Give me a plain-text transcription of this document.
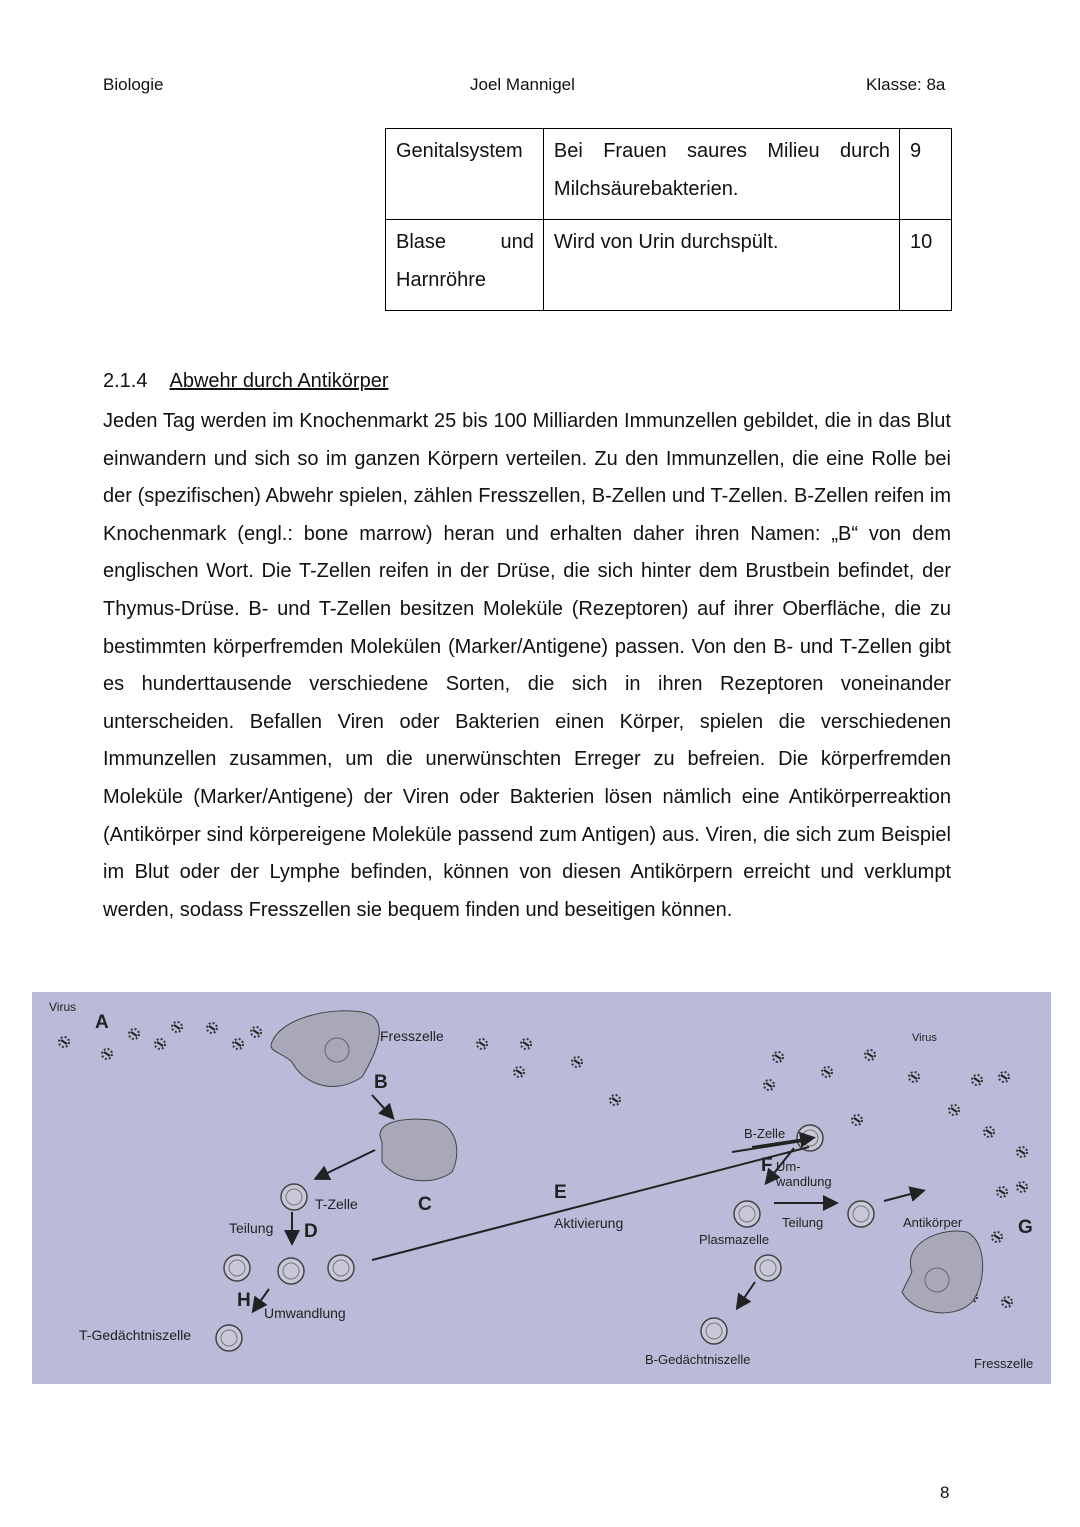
Biologie	Joel Mannigel	Klasse: 8a
Genitalsystem	Bei Frauen saures Milieu durch Milchsäurebakterien.	9
Blase und Harnröhre	Wird von Urin durchspült.	10
2.1.4 Abwehr durch Antikörper
Jeden Tag werden im Knochenmarkt 25 bis 100 Milliarden Immunzellen gebildet, die in das Blut einwandern und sich so im ganzen Körpern verteilen. Zu den Immunzellen, die eine Rolle bei der (spezifischen) Abwehr spielen, zählen Fresszellen, B-Zellen und T-Zellen. B-Zellen reifen im Knochenmark (engl.: bone marrow) heran und erhalten daher ihren Namen: „B“ von dem englischen Wort. Die T-Zellen reifen in der Drüse, die sich hinter dem Brustbein befindet, der Thymus-Drüse. B- und T-Zellen besitzen Moleküle (Rezeptoren) auf ihrer Oberfläche, die zu bestimmten körperfremden Molekülen (Marker/Antigene) passen. Von den B- und T-Zellen gibt es hunderttausende verschiedene Sorten, die sich in ihren Rezeptoren voneinander unterscheiden. Befallen Viren oder Bakterien einen Körper, spielen die verschiedenen Immunzellen zusammen, um die unerwünschten Erreger zu befreien. Die körperfremden Moleküle (Marker/Antigene) der Viren oder Bakterien lösen nämlich eine Antikörperreaktion (Antikörper sind körpereigene Moleküle passend zum Antigen) aus. Viren, die sich zum Beispiel im Blut oder der Lymphe befinden, können von diesen Antikörpern erreicht und verklumpt werden, sodass Fresszellen sie bequem finden und beseitigen können.
Virus
A
Fresszelle
B
C
T-Zelle
Teilung D
H
Umwandlung
T-Gedächtniszelle
E
Aktivierung
B-Zelle
F Um-
wandlung
Plasmazelle
Teilung	Antikörper	G
B-Gedächtniszelle
Virus
Fresszelle
8
